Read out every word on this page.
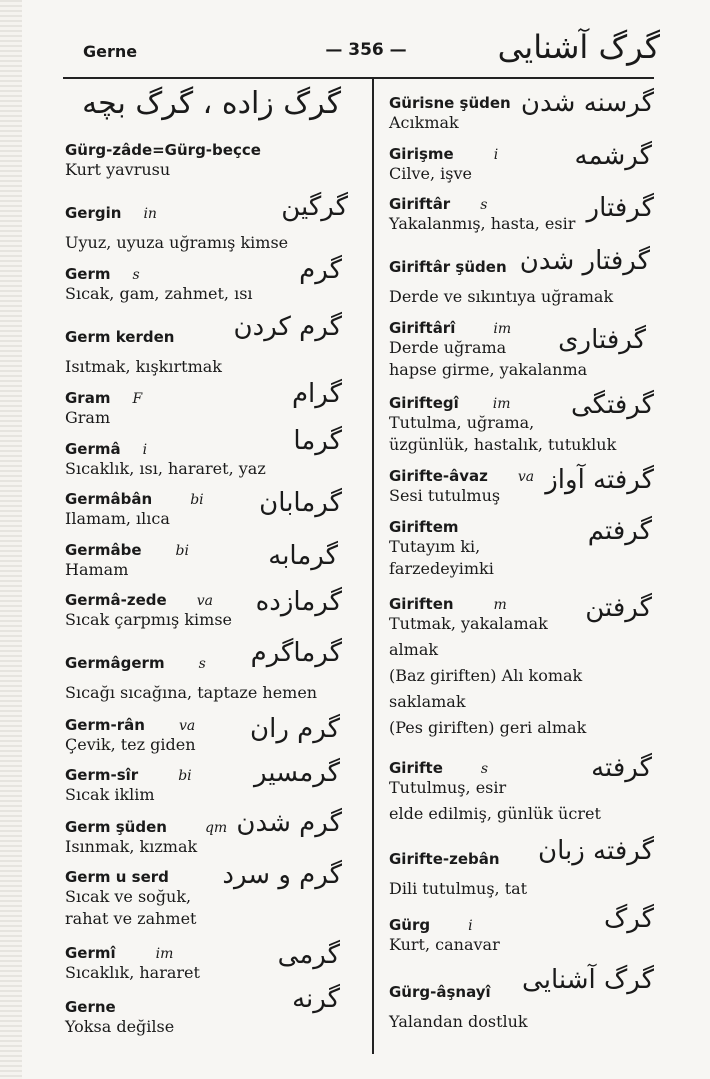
Gerne	— 356 —	گرگ آشنایی
گرگ زاده ، گرگ بچه
Gürg-zâde=Gürg-beçce
Kurt yavrusu
Gergin in
Uyuz, uyuza uğramış kimse
گرگین
Germ s
Sıcak, gam, zahmet, ısı
گرم
Germ kerden
Isıtmak, kışkırtmak
گرم کردن
Gram F
Gram
گرام
Germâ i
Sıcaklık, ısı, hararet, yaz
گرما
Germâbân	bi
Ilamam, ılıca
گرمابان
Germâbe bi
Hamam	گرمابه
Germâ-zede va
Sıcak çarpmış kimse
گرمازده
Germâgerm s
Sıcağı sıcağına, taptaze hemen
گرماگرم
Germ-rân va
Çevik, tez giden
گرم ران
Germ-sîr	bi
Sıcak iklim
گرمسیر
Germ şüden	qm
Isınmak, kızmak
گرم شدن
Germ u serd
Sıcak ve soğuk,
rahat ve zahmet
گرم و سرد
Germî	im
Sıcaklık, hararet
گرمی
Gerne
Yoksa değilse
گرنه
Gürisne şüden
Acıkmak
گرسنه شدن
Girişme	i
Cilve, işve
گرشمه
Giriftâr s
Yakalanmış, hasta, esir
گرفتار
Giriftâr şüden
Derde ve sıkıntıya uğramak
گرفتار شدن
Giriftârî	im
Derde uğrama
hapse girme, yakalanma
گرفتاری
Giriftegî im
Tutulma, uğrama,
üzgünlük, hastalık, tutukluk
گرفتگی
Girifte-âvaz va
Sesi tutulmuş
گرفته آواز
Giriftem
Tutayım ki,
farzedeyimki
گرفتم
Giriften	m
Tutmak, yakalamak
almak
(Baz giriften) Alı komak
saklamak
(Pes giriften) geri almak
گرفتن
Girifte	s
Tutulmuş, esir
elde edilmiş, günlük ücret
گرفته
Girifte-zebân
Dili tutulmuş, tat
گرفته زبان
Gürg	i
Kurt, canavar
گرگ
Gürg-âşnayî
Yalandan dostluk
گرگ آشنایی
